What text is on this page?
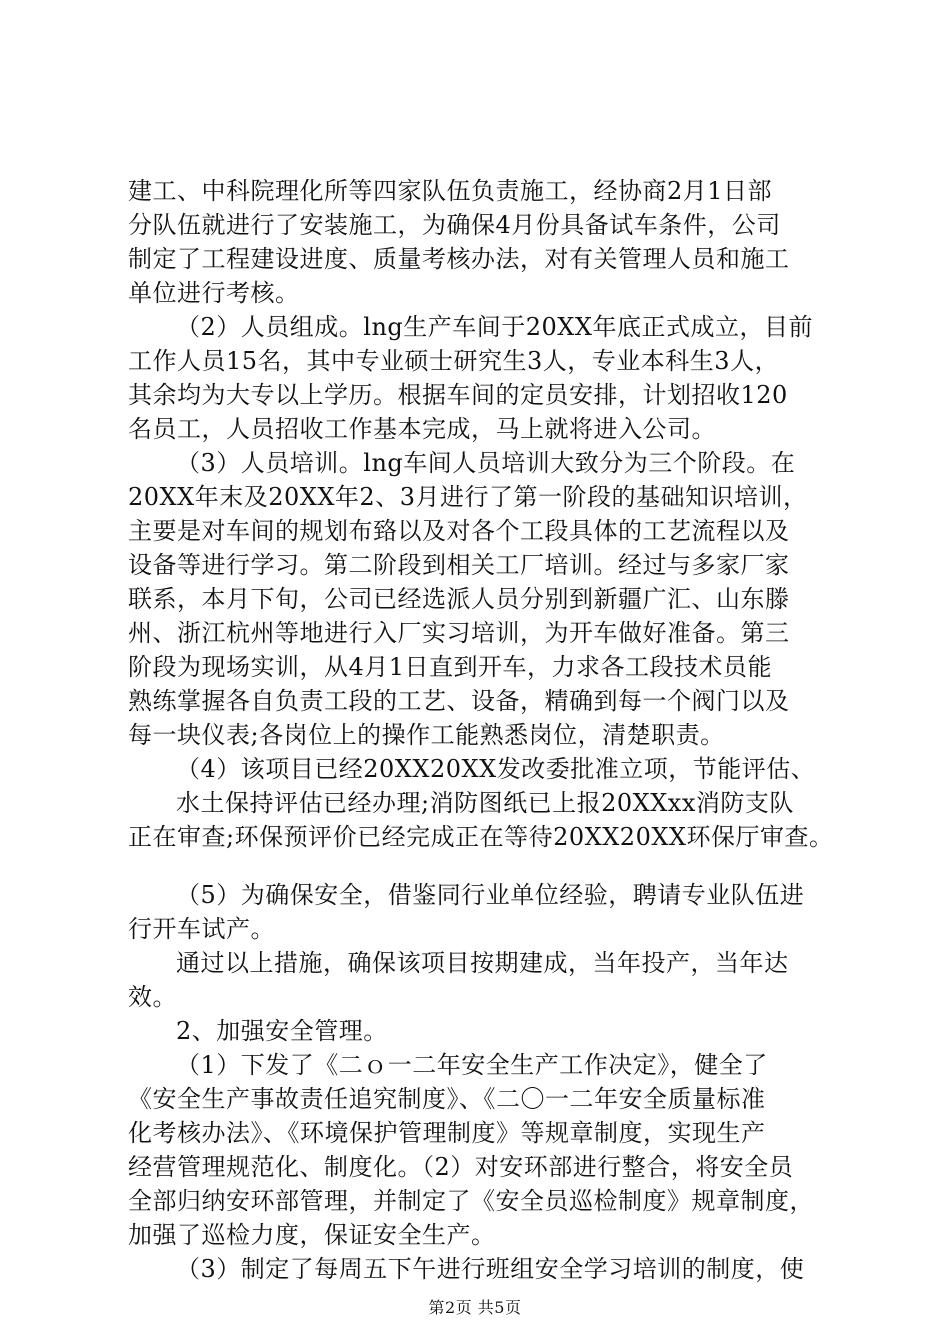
建工、中科院理化所等四家队伍负责施工，经协商2月1日部
分队伍就进行了安装施工，为确保4月份具备试车条件，公司
制定了工程建设进度、质量考核办法，对有关管理人员和施工
单位进行考核。
（2）人员组成。lng生产车间于20XX年底正式成立，目前
工作人员15名，其中专业硕士研究生3人，专业本科生3人，
其余均为大专以上学历。根据车间的定员安排，计划招收120
名员工，人员招收工作基本完成，马上就将进入公司。
（3）人员培训。lng车间人员培训大致分为三个阶段。在
20XX年末及20XX年2、3月进行了第一阶段的基础知识培训，
主要是对车间的规划布臵以及对各个工段具体的工艺流程以及
设备等进行学习。第二阶段到相关工厂培训。经过与多家厂家
联系，本月下旬，公司已经选派人员分别到新疆广汇、山东滕
州、浙江杭州等地进行入厂实习培训，为开车做好准备。第三
阶段为现场实训，从4月1日直到开车，力求各工段技术员能
熟练掌握各自负责工段的工艺、设备，精确到每一个阀门以及
每一块仪表;各岗位上的操作工能熟悉岗位，清楚职责。
（4）该项目已经20XX20XX发改委批准立项，节能评估、
水土保持评估已经办理;消防图纸已上报20XXxx消防支队
正在审查;环保预评价已经完成正在等待20XX20XX环保厅审查。
（5）为确保安全，借鉴同行业单位经验，聘请专业队伍进
行开车试产。
通过以上措施，确保该项目按期建成，当年投产，当年达
效。
2、加强安全管理。
（1）下发了《二ｏ一二年安全生产工作决定》，健全了
《安全生产事故责任追究制度》、《二〇一二年安全质量标准
化考核办法》、《环境保护管理制度》等规章制度，实现生产
经营管理规范化、制度化。（2）对安环部进行整合，将安全员
全部归纳安环部管理，并制定了《安全员巡检制度》规章制度，
加强了巡检力度，保证安全生产。
（3）制定了每周五下午进行班组安全学习培训的制度，使
第2页 共5页
